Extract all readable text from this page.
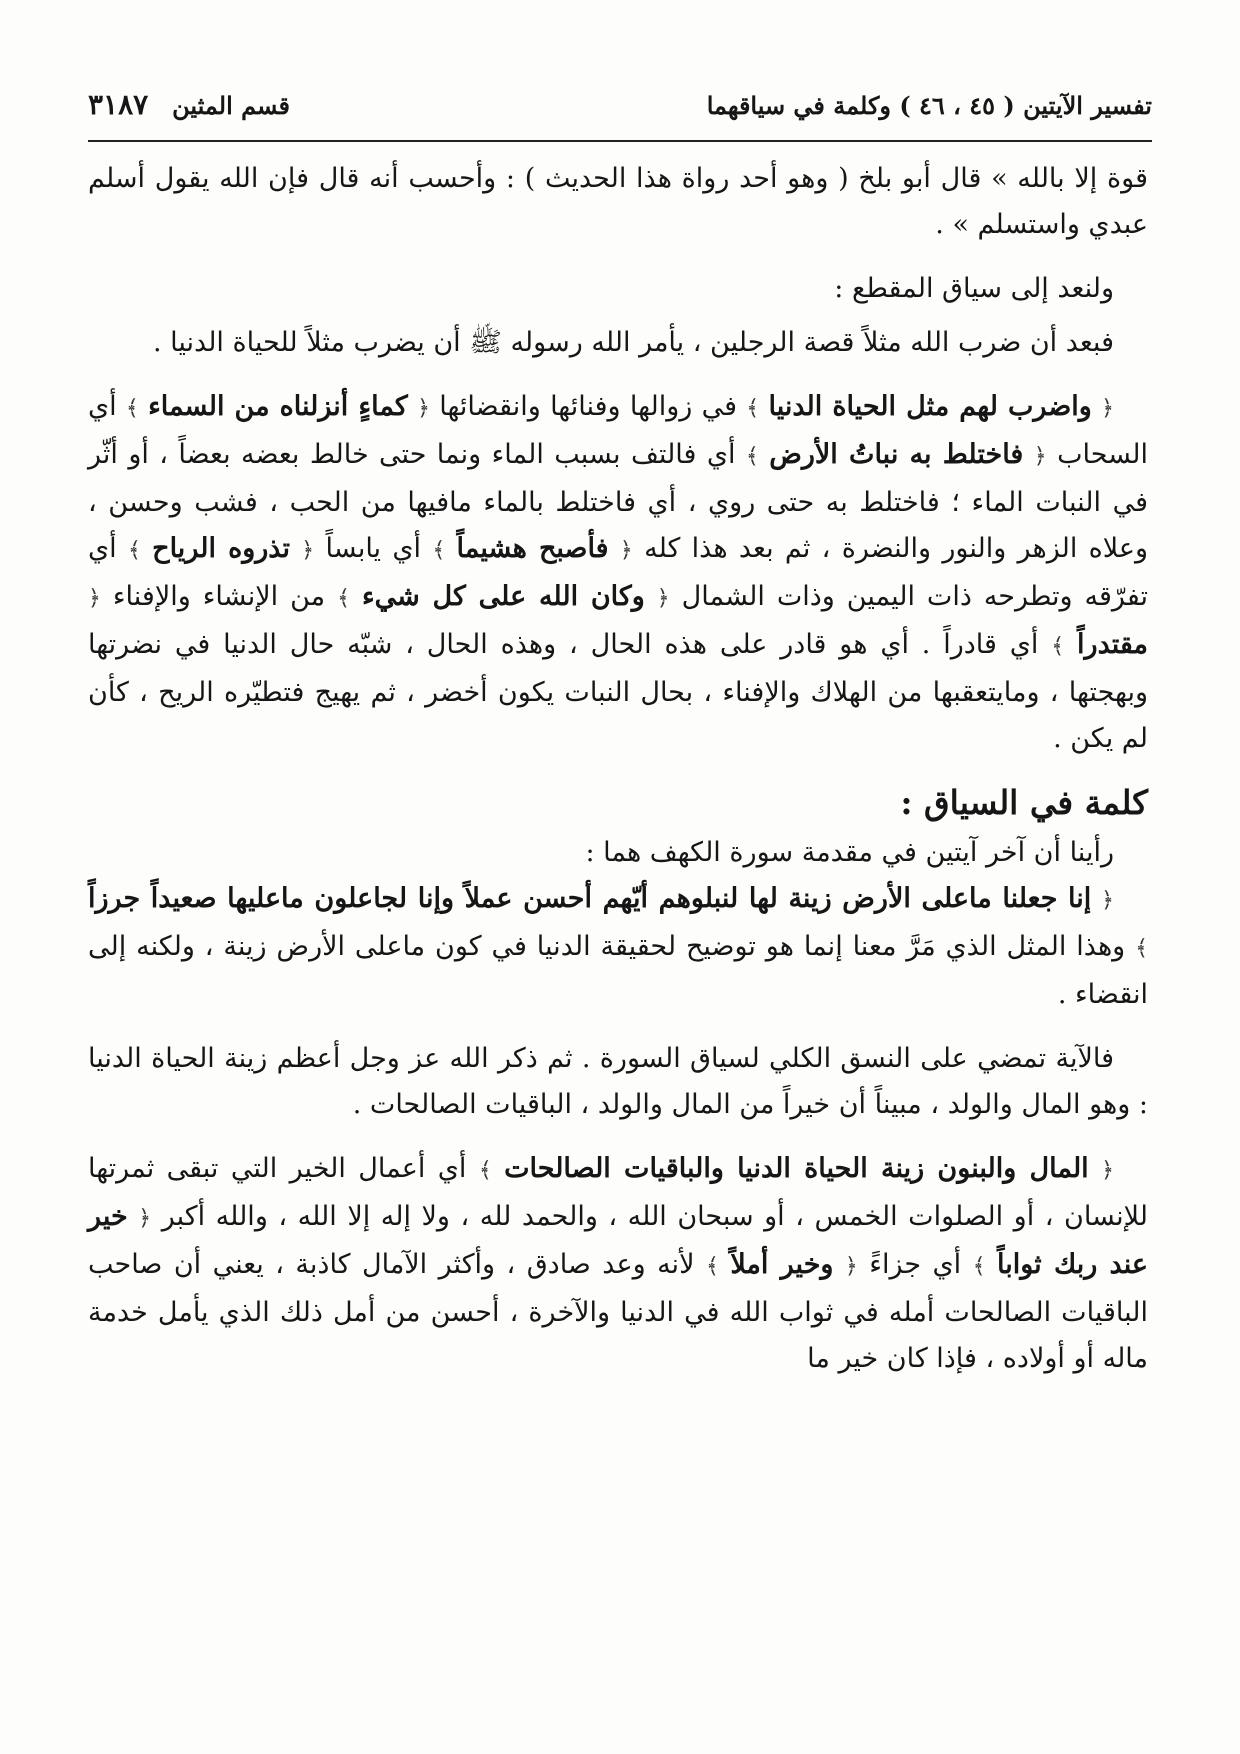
تفسير الآيتين ( ٤٥ ، ٤٦ ) وكلمة في سياقهما
قسم المثين
٣١٨٧

قوة إلا بالله » قال أبو بلخ ( وهو أحد رواة هذا الحديث ) : وأحسب أنه قال فإن الله يقول أسلم عبدي واستسلم » .

ولنعد إلى سياق المقطع :

فبعد أن ضرب الله مثلاً قصة الرجلين ، يأمر الله رسوله ﷺ أن يضرب مثلاً للحياة الدنيا .

﴿ واضرب لهم مثل الحياة الدنيا ﴾ في زوالها وفنائها وانقضائها ﴿ كماءٍ أنزلناه من السماء ﴾ أي السحاب ﴿ فاختلط به نباتُ الأرض ﴾ أي فالتف بسبب الماء ونما حتى خالط بعضه بعضاً ، أو أثّر في النبات الماء ؛ فاختلط به حتى روي ، أي فاختلط بالماء مافيها من الحب ، فشب وحسن ، وعلاه الزهر والنور والنضرة ، ثم بعد هذا كله ﴿ فأصبح هشيماً ﴾ أي يابساً ﴿ تذروه الرياح ﴾ أي تفرّقه وتطرحه ذات اليمين وذات الشمال ﴿ وكان الله على كل شيء ﴾ من الإنشاء والإفناء ﴿ مقتدراً ﴾ أي قادراً . أي هو قادر على هذه الحال ، وهذه الحال ، شبّه حال الدنيا في نضرتها وبهجتها ، ومايتعقبها من الهلاك والإفناء ، بحال النبات يكون أخضر ، ثم يهيج فتطيّره الريح ، كأن لم يكن .

كلمة في السياق :

رأينا أن آخر آيتين في مقدمة سورة الكهف هما :

﴿ إنا جعلنا ماعلى الأرض زينة لها لنبلوهم أيّهم أحسن عملاً وإنا لجاعلون ماعليها صعيداً جرزاً ﴾ وهذا المثل الذي مَرَّ معنا إنما هو توضيح لحقيقة الدنيا في كون ماعلى الأرض زينة ، ولكنه إلى انقضاء .

فالآية تمضي على النسق الكلي لسياق السورة . ثم ذكر الله عز وجل أعظم زينة الحياة الدنيا : وهو المال والولد ، مبيناً أن خيراً من المال والولد ، الباقيات الصالحات .

﴿ المال والبنون زينة الحياة الدنيا والباقيات الصالحات ﴾ أي أعمال الخير التي تبقى ثمرتها للإنسان ، أو الصلوات الخمس ، أو سبحان الله ، والحمد لله ، ولا إله إلا الله ، والله أكبر ﴿ خير عند ربك ثواباً ﴾ أي جزاءً ﴿ وخير أملاً ﴾ لأنه وعد صادق ، وأكثر الآمال كاذبة ، يعني أن صاحب الباقيات الصالحات أمله في ثواب الله في الدنيا والآخرة ، أحسن من أمل ذلك الذي يأمل خدمة ماله أو أولاده ، فإذا كان خير ما
